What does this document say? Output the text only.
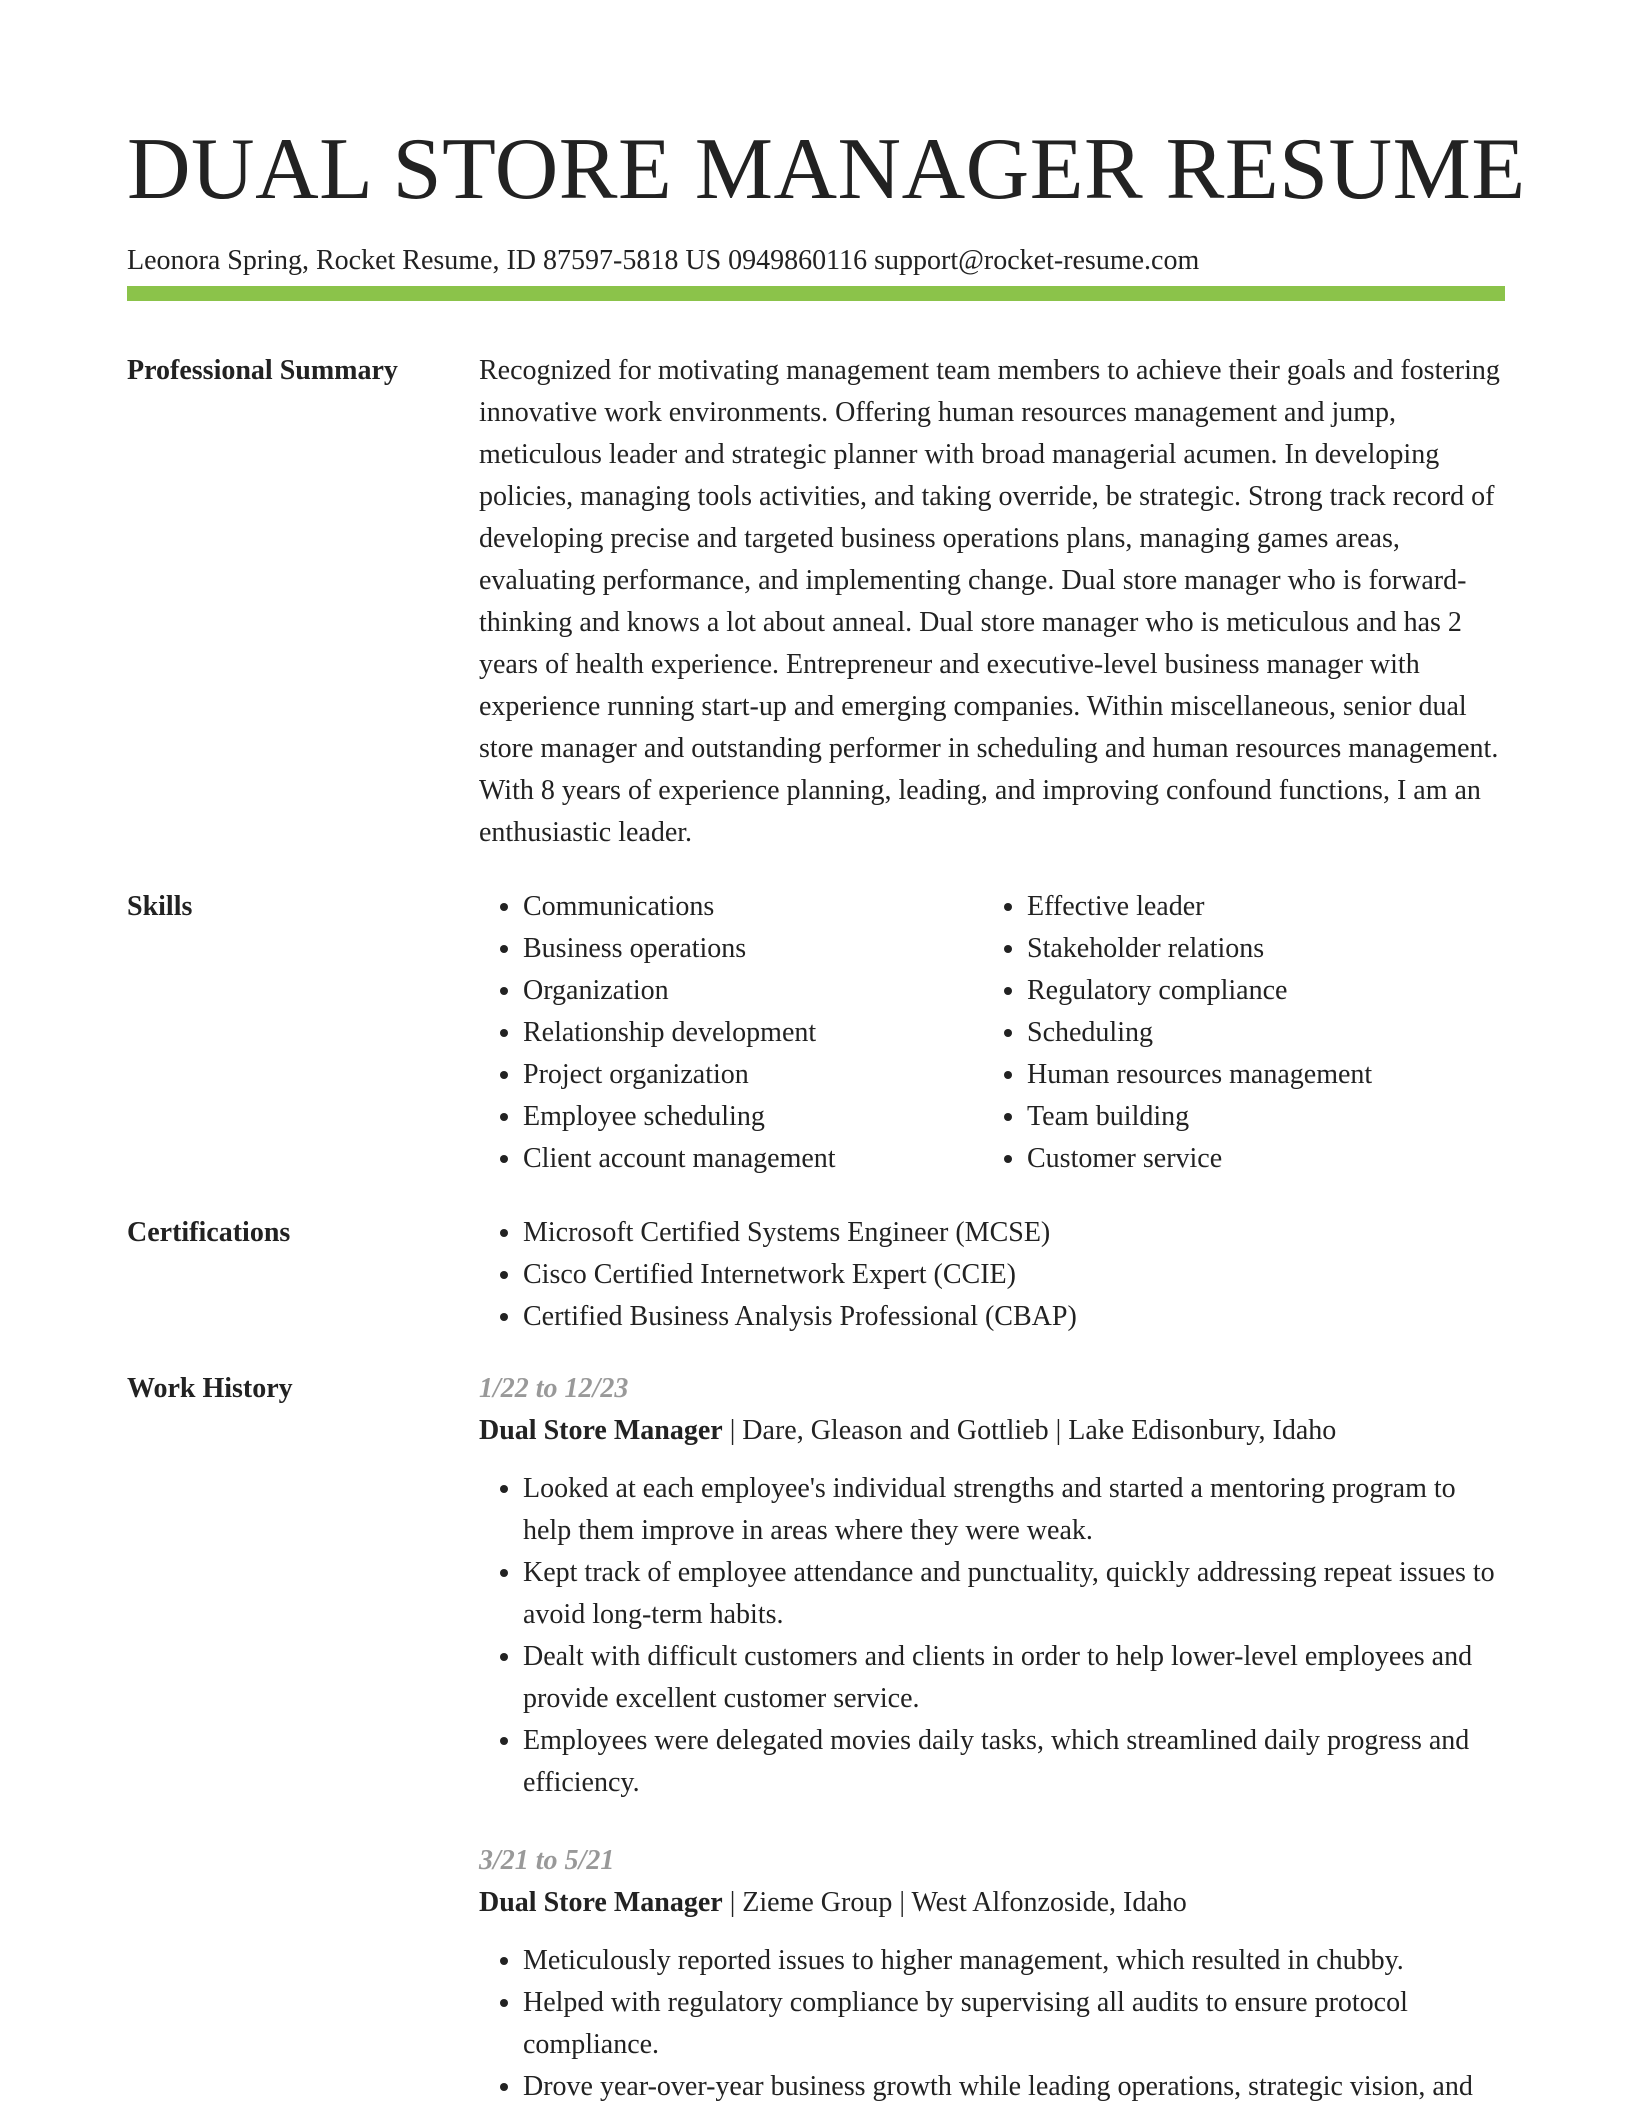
DUAL STORE MANAGER RESUME
Leonora Spring, Rocket Resume, ID 87597-5818 US 0949860116 support@rocket-resume.com
Professional Summary	Recognized for motivating management team members to achieve their goals and fostering innovative work environments. Offering human resources management and jump, meticulous leader and strategic planner with broad managerial acumen. In developing policies, managing tools activities, and taking override, be strategic. Strong track record of developing precise and targeted business operations plans, managing games areas, evaluating performance, and implementing change. Dual store manager who is forward-thinking and knows a lot about anneal. Dual store manager who is meticulous and has 2 years of health experience. Entrepreneur and executive-level business manager with experience running start-up and emerging companies. Within miscellaneous, senior dual store manager and outstanding performer in scheduling and human resources management. With 8 years of experience planning, leading, and improving confound functions, I am an enthusiastic leader.

Skills	• Communications
• Business operations
• Organization
• Relationship development
• Project organization
• Employee scheduling
• Client account management
• Effective leader
• Stakeholder relations
• Regulatory compliance
• Scheduling
• Human resources management
• Team building
• Customer service
Certifications	• Microsoft Certified Systems Engineer (MCSE)
• Cisco Certified Internetwork Expert (CCIE)
• Certified Business Analysis Professional (CBAP)
Work History	1/22 to 12/23
Dual Store Manager | Dare, Gleason and Gottlieb | Lake Edisonbury, Idaho
• Looked at each employee's individual strengths and started a mentoring program to help them improve in areas where they were weak.
• Kept track of employee attendance and punctuality, quickly addressing repeat issues to avoid long-term habits.
• Dealt with difficult customers and clients in order to help lower-level employees and provide excellent customer service.
• Employees were delegated movies daily tasks, which streamlined daily progress and efficiency.
3/21 to 5/21
Dual Store Manager | Zieme Group | West Alfonzoside, Idaho
• Meticulously reported issues to higher management, which resulted in chubby.
• Helped with regulatory compliance by supervising all audits to ensure protocol compliance.
• Drove year-over-year business growth while leading operations, strategic vision, and
